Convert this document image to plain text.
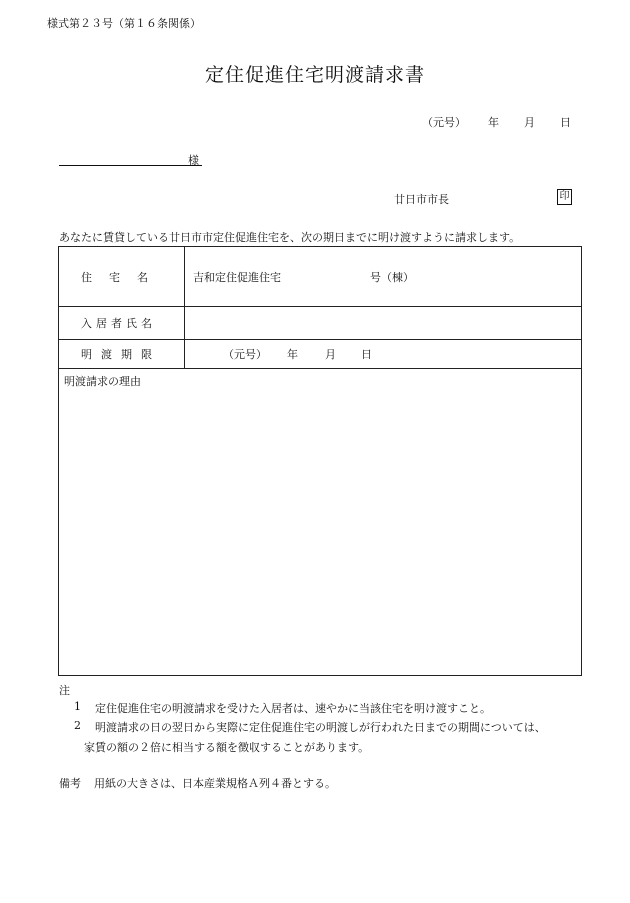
様式第２３号（第１６条関係）
定住促進住宅明渡請求書
（元号） 年 月 日
様
廿日市市長	印
あなたに賃貸している廿日市市定住促進住宅を、次の期日までに明け渡すように請求します。
住宅名	吉和定住促進住宅	号（棟）
入居者氏名
明渡期限	（元号） 年 月 日
明渡請求の理由
注
1 定住促進住宅の明渡請求を受けた入居者は、速やかに当該住宅を明け渡すこと。
2 明渡請求の日の翌日から実際に定住促進住宅の明渡しが行われた日までの期間については、
家賃の額の２倍に相当する額を徴収することがあります。
備考 用紙の大きさは、日本産業規格Ａ列４番とする。
